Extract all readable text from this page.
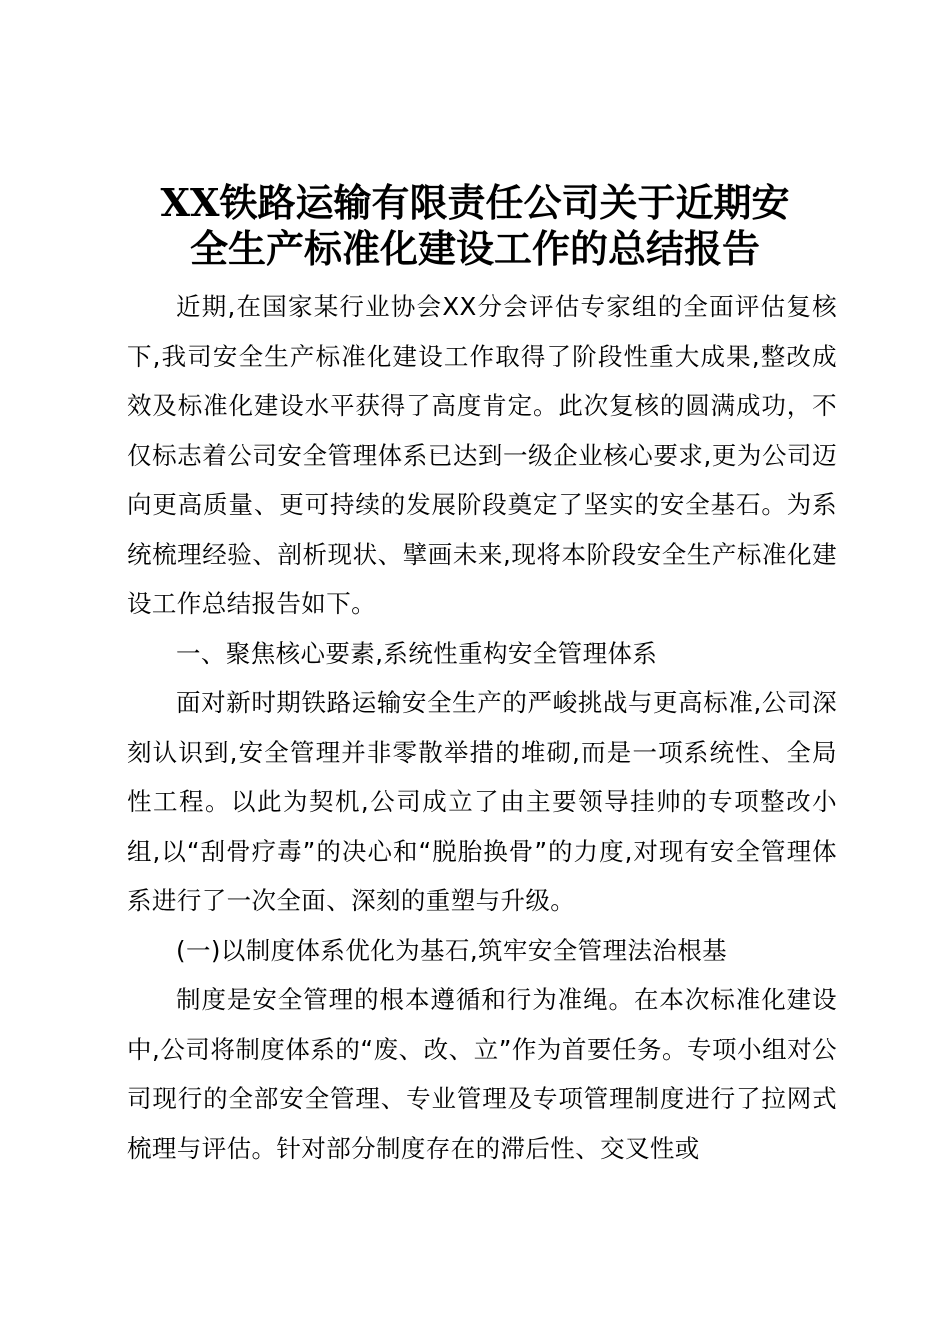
XX铁路运输有限责任公司关于近期安
全生产标准化建设工作的总结报告

近期,在国家某行业协会XX分会评估专家组的全面评估复核下,我司安全生产标准化建设工作取得了阶段性重大成果,整改成效及标准化建设水平获得了高度肯定。此次复核的圆满成功，不仅标志着公司安全管理体系已达到一级企业核心要求,更为公司迈向更高质量、更可持续的发展阶段奠定了坚实的安全基石。为系统梳理经验、剖析现状、擘画未来,现将本阶段安全生产标准化建设工作总结报告如下。

一、聚焦核心要素,系统性重构安全管理体系

面对新时期铁路运输安全生产的严峻挑战与更高标准,公司深刻认识到,安全管理并非零散举措的堆砌,而是一项系统性、全局性工程。以此为契机,公司成立了由主要领导挂帅的专项整改小组,以“刮骨疗毒”的决心和“脱胎换骨”的力度,对现有安全管理体系进行了一次全面、深刻的重塑与升级。

(一)以制度体系优化为基石,筑牢安全管理法治根基

制度是安全管理的根本遵循和行为准绳。在本次标准化建设中,公司将制度体系的“废、改、立”作为首要任务。专项小组对公司现行的全部安全管理、专业管理及专项管理制度进行了拉网式梳理与评估。针对部分制度存在的滞后性、交叉性或
